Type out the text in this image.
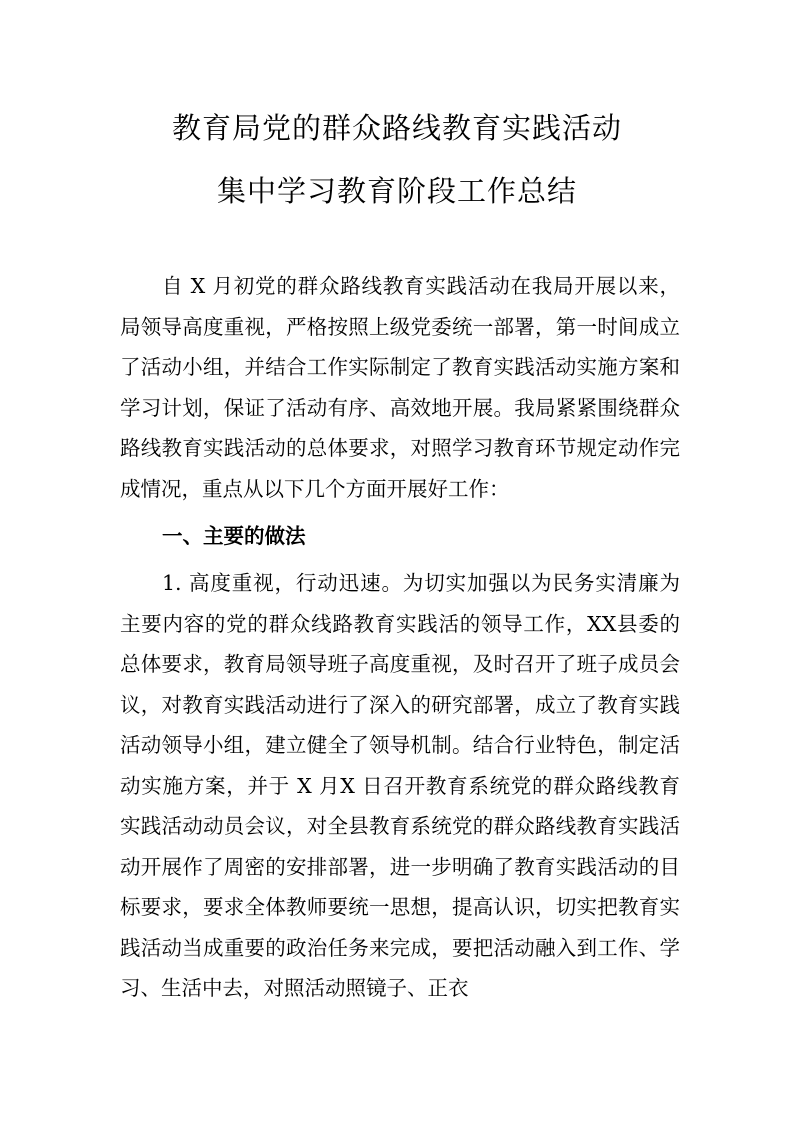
教育局党的群众路线教育实践活动
集中学习教育阶段工作总结

自 X 月初党的群众路线教育实践活动在我局开展以来，局领导高度重视，严格按照上级党委统一部署，第一时间成立了活动小组，并结合工作实际制定了教育实践活动实施方案和学习计划，保证了活动有序、高效地开展。我局紧紧围绕群众路线教育实践活动的总体要求，对照学习教育环节规定动作完成情况，重点从以下几个方面开展好工作：

一、主要的做法

1. 高度重视，行动迅速。为切实加强以为民务实清廉为主要内容的党的群众线路教育实践活的领导工作，XX县委的总体要求，教育局领导班子高度重视，及时召开了班子成员会议，对教育实践活动进行了深入的研究部署，成立了教育实践活动领导小组，建立健全了领导机制。结合行业特色，制定活动实施方案，并于 X 月X 日召开教育系统党的群众路线教育实践活动动员会议，对全县教育系统党的群众路线教育实践活动开展作了周密的安排部署，进一步明确了教育实践活动的目标要求，要求全体教师要统一思想，提高认识，切实把教育实践活动当成重要的政治任务来完成，要把活动融入到工作、学习、生活中去，对照活动照镜子、正衣
